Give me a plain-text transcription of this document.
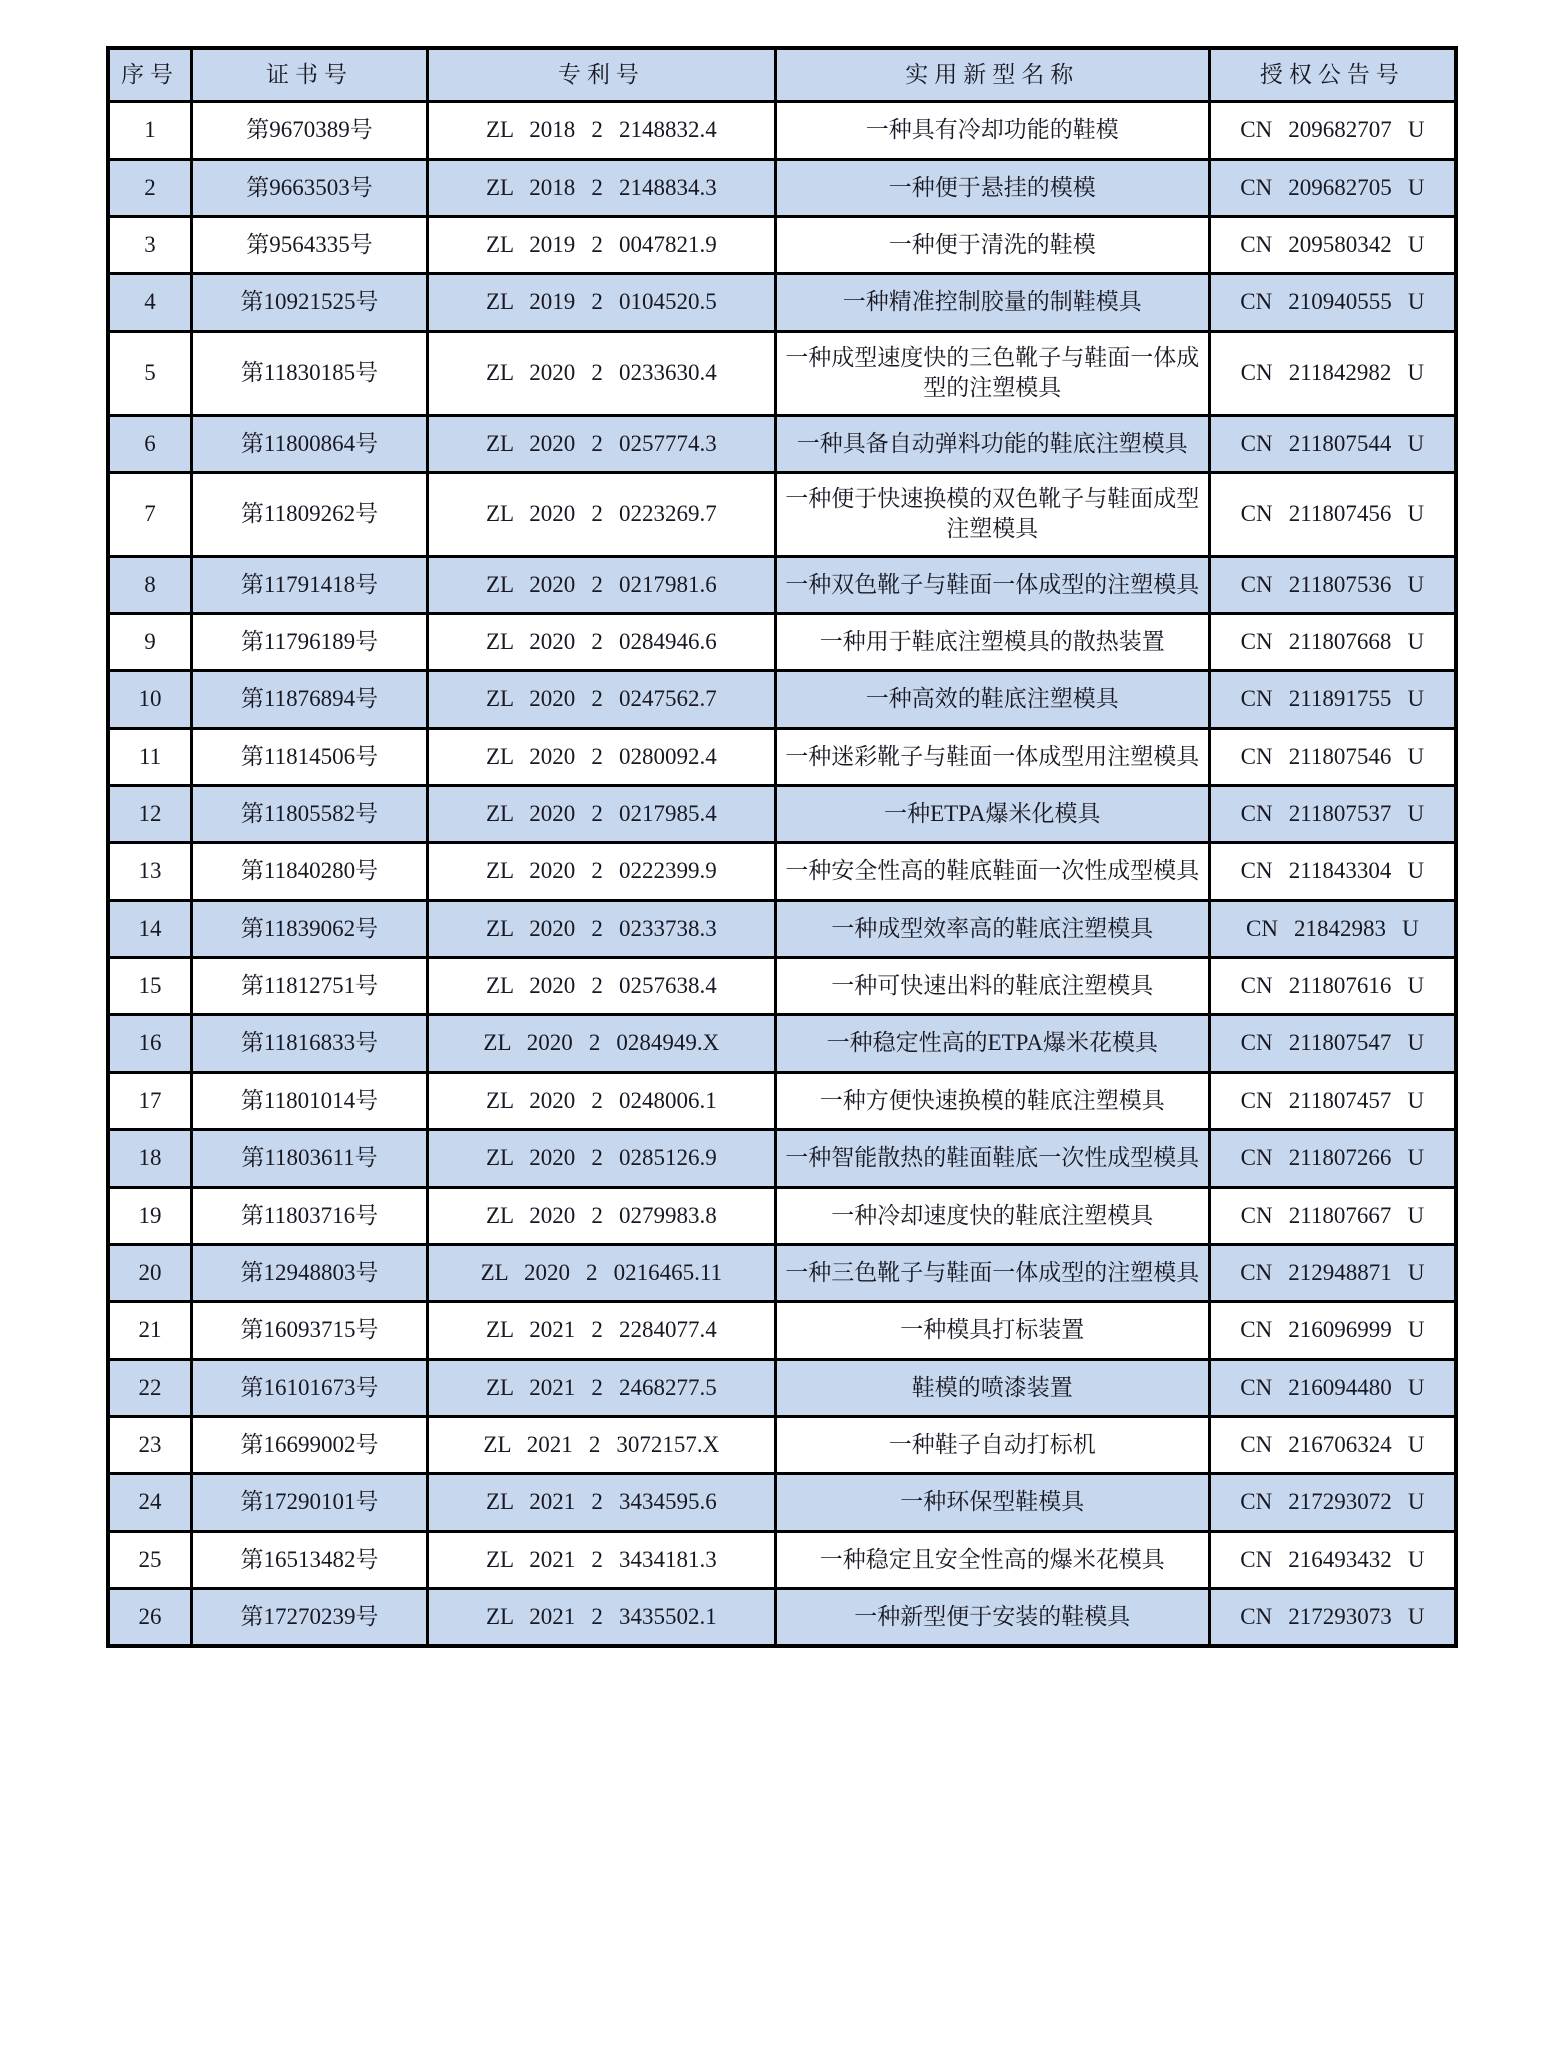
序号	证书号	专利号	实用新型名称	授权公告号
1	第9670389号	ZL 2018 2 2148832.4	一种具有冷却功能的鞋模	CN 209682707 U
2	第9663503号	ZL 2018 2 2148834.3	一种便于悬挂的模模	CN 209682705 U
3	第9564335号	ZL 2019 2 0047821.9	一种便于清洗的鞋模	CN 209580342 U
4	第10921525号	ZL 2019 2 0104520.5	一种精准控制胶量的制鞋模具	CN 210940555 U
5	第11830185号	ZL 2020 2 0233630.4	一种成型速度快的三色靴子与鞋面一体成型的注塑模具	CN 211842982 U
6	第11800864号	ZL 2020 2 0257774.3	一种具备自动弹料功能的鞋底注塑模具	CN 211807544 U
7	第11809262号	ZL 2020 2 0223269.7	一种便于快速换模的双色靴子与鞋面成型注塑模具	CN 211807456 U
8	第11791418号	ZL 2020 2 0217981.6	一种双色靴子与鞋面一体成型的注塑模具	CN 211807536 U
9	第11796189号	ZL 2020 2 0284946.6	一种用于鞋底注塑模具的散热装置	CN 211807668 U
10	第11876894号	ZL 2020 2 0247562.7	一种高效的鞋底注塑模具	CN 211891755 U
11	第11814506号	ZL 2020 2 0280092.4	一种迷彩靴子与鞋面一体成型用注塑模具	CN 211807546 U
12	第11805582号	ZL 2020 2 0217985.4	一种ETPA爆米化模具	CN 211807537 U
13	第11840280号	ZL 2020 2 0222399.9	一种安全性高的鞋底鞋面一次性成型模具	CN 211843304 U
14	第11839062号	ZL 2020 2 0233738.3	一种成型效率高的鞋底注塑模具	CN 21842983 U
15	第11812751号	ZL 2020 2 0257638.4	一种可快速出料的鞋底注塑模具	CN 211807616 U
16	第11816833号	ZL 2020 2 0284949.X	一种稳定性高的ETPA爆米花模具	CN 211807547 U
17	第11801014号	ZL 2020 2 0248006.1	一种方便快速换模的鞋底注塑模具	CN 211807457 U
18	第11803611号	ZL 2020 2 0285126.9	一种智能散热的鞋面鞋底一次性成型模具	CN 211807266 U
19	第11803716号	ZL 2020 2 0279983.8	一种冷却速度快的鞋底注塑模具	CN 211807667 U
20	第12948803号	ZL 2020 2 0216465.11	一种三色靴子与鞋面一体成型的注塑模具	CN 212948871 U
21	第16093715号	ZL 2021 2 2284077.4	一种模具打标装置	CN 216096999 U
22	第16101673号	ZL 2021 2 2468277.5	鞋模的喷漆装置	CN 216094480 U
23	第16699002号	ZL 2021 2 3072157.X	一种鞋子自动打标机	CN 216706324 U
24	第17290101号	ZL 2021 2 3434595.6	一种环保型鞋模具	CN 217293072 U
25	第16513482号	ZL 2021 2 3434181.3	一种稳定且安全性高的爆米花模具	CN 216493432 U
26	第17270239号	ZL 2021 2 3435502.1	一种新型便于安装的鞋模具	CN 217293073 U
